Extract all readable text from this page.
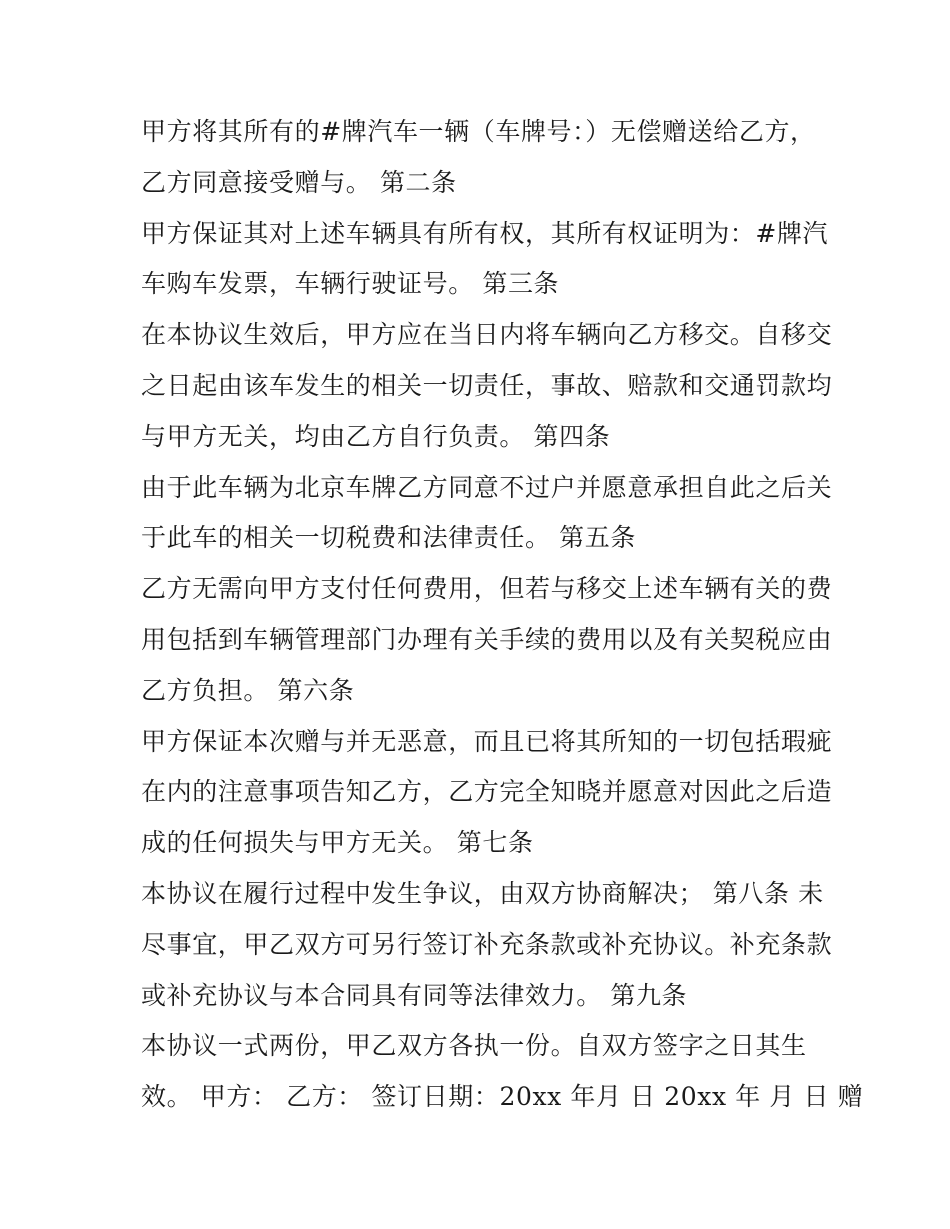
甲方将其所有的#牌汽车一辆（车牌号：）无偿赠送给乙方，
乙方同意接受赠与。 第二条
甲方保证其对上述车辆具有所有权，其所有权证明为：#牌汽
车购车发票，车辆行驶证号。 第三条
在本协议生效后，甲方应在当日内将车辆向乙方移交。自移交
之日起由该车发生的相关一切责任，事故、赔款和交通罚款均
与甲方无关，均由乙方自行负责。 第四条
由于此车辆为北京车牌乙方同意不过户并愿意承担自此之后关
于此车的相关一切税费和法律责任。 第五条
乙方无需向甲方支付任何费用，但若与移交上述车辆有关的费
用包括到车辆管理部门办理有关手续的费用以及有关契税应由
乙方负担。 第六条
甲方保证本次赠与并无恶意，而且已将其所知的一切包括瑕疵
在内的注意事项告知乙方，乙方完全知晓并愿意对因此之后造
成的任何损失与甲方无关。 第七条
本协议在履行过程中发生争议，由双方协商解决； 第八条 未
尽事宜，甲乙双方可另行签订补充条款或补充协议。补充条款
或补充协议与本合同具有同等法律效力。 第九条
本协议一式两份，甲乙双方各执一份。自双方签字之日其生
效。 甲方： 乙方： 签订日期：20xx 年月 日 20xx 年 月 日 赠
